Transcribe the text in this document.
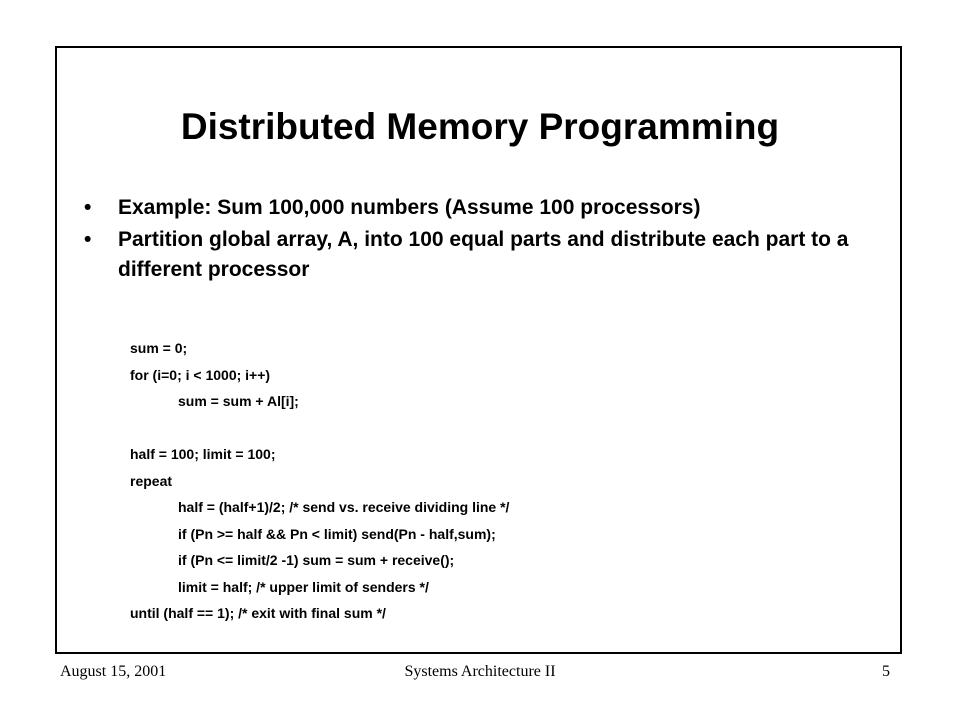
Distributed Memory Programming
• Example: Sum 100,000 numbers (Assume 100 processors)
• Partition global array, A, into 100 equal parts and distribute each part to a different processor
sum = 0;
for (i=0; i < 1000; i++)
sum = sum + Al[i];
half = 100; limit = 100;
repeat
half = (half+1)/2; /* send vs. receive dividing line */
if (Pn >= half && Pn < limit) send(Pn - half,sum);
if (Pn <= limit/2 -1) sum = sum + receive();
limit = half; /* upper limit of senders */
until (half == 1); /* exit with final sum */
August 15, 2001	Systems Architecture II	5
